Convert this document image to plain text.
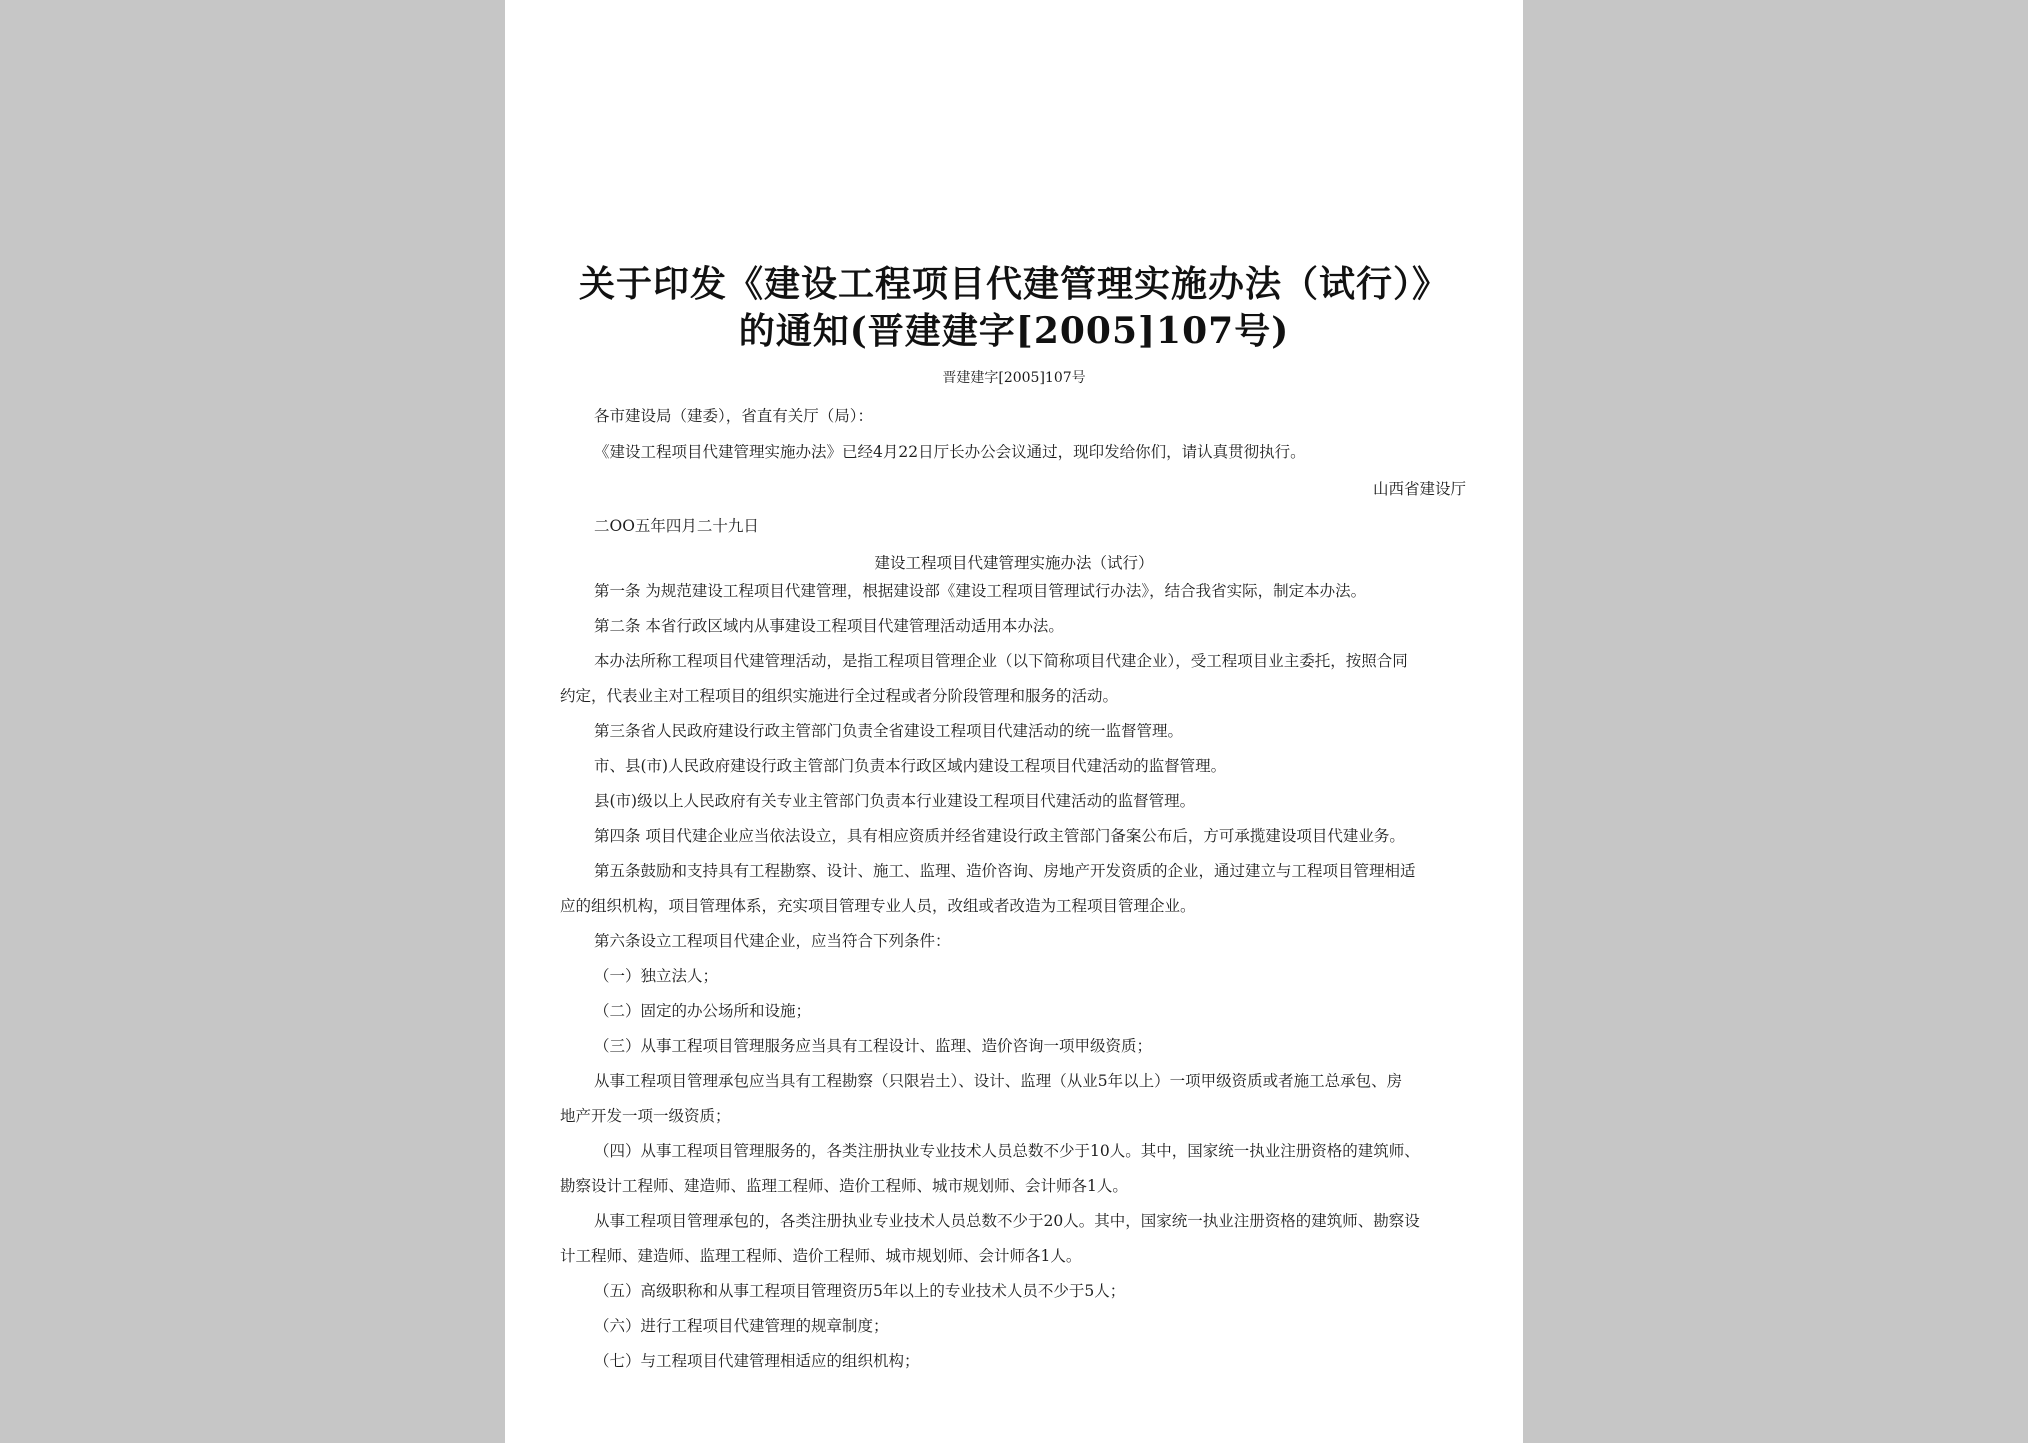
关于印发《建设工程项目代建管理实施办法（试行）》
的通知(晋建建字[2005]107号)
晋建建字[2005]107号
各市建设局（建委），省直有关厅（局）：
《建设工程项目代建管理实施办法》已经4月22日厅长办公会议通过，现印发给你们，请认真贯彻执行。
山西省建设厅
二OO五年四月二十九日
建设工程项目代建管理实施办法（试行）
第一条 为规范建设工程项目代建管理，根据建设部《建设工程项目管理试行办法》，结合我省实际，制定本办法。
第二条 本省行政区域内从事建设工程项目代建管理活动适用本办法。
本办法所称工程项目代建管理活动，是指工程项目管理企业（以下简称项目代建企业），受工程项目业主委托，按照合同
约定，代表业主对工程项目的组织实施进行全过程或者分阶段管理和服务的活动。
第三条省人民政府建设行政主管部门负责全省建设工程项目代建活动的统一监督管理。
市、县(市)人民政府建设行政主管部门负责本行政区域内建设工程项目代建活动的监督管理。
县(市)级以上人民政府有关专业主管部门负责本行业建设工程项目代建活动的监督管理。
第四条 项目代建企业应当依法设立，具有相应资质并经省建设行政主管部门备案公布后，方可承揽建设项目代建业务。
第五条鼓励和支持具有工程勘察、设计、施工、监理、造价咨询、房地产开发资质的企业，通过建立与工程项目管理相适
应的组织机构，项目管理体系，充实项目管理专业人员，改组或者改造为工程项目管理企业。
第六条设立工程项目代建企业，应当符合下列条件：
（一）独立法人；
（二）固定的办公场所和设施；
（三）从事工程项目管理服务应当具有工程设计、监理、造价咨询一项甲级资质；
从事工程项目管理承包应当具有工程勘察（只限岩土）、设计、监理（从业5年以上）一项甲级资质或者施工总承包、房
地产开发一项一级资质；
（四）从事工程项目管理服务的，各类注册执业专业技术人员总数不少于10人。其中，国家统一执业注册资格的建筑师、
勘察设计工程师、建造师、监理工程师、造价工程师、城市规划师、会计师各1人。
从事工程项目管理承包的，各类注册执业专业技术人员总数不少于20人。其中，国家统一执业注册资格的建筑师、勘察设
计工程师、建造师、监理工程师、造价工程师、城市规划师、会计师各1人。
（五）高级职称和从事工程项目管理资历5年以上的专业技术人员不少于5人；
（六）进行工程项目代建管理的规章制度；
（七）与工程项目代建管理相适应的组织机构；
